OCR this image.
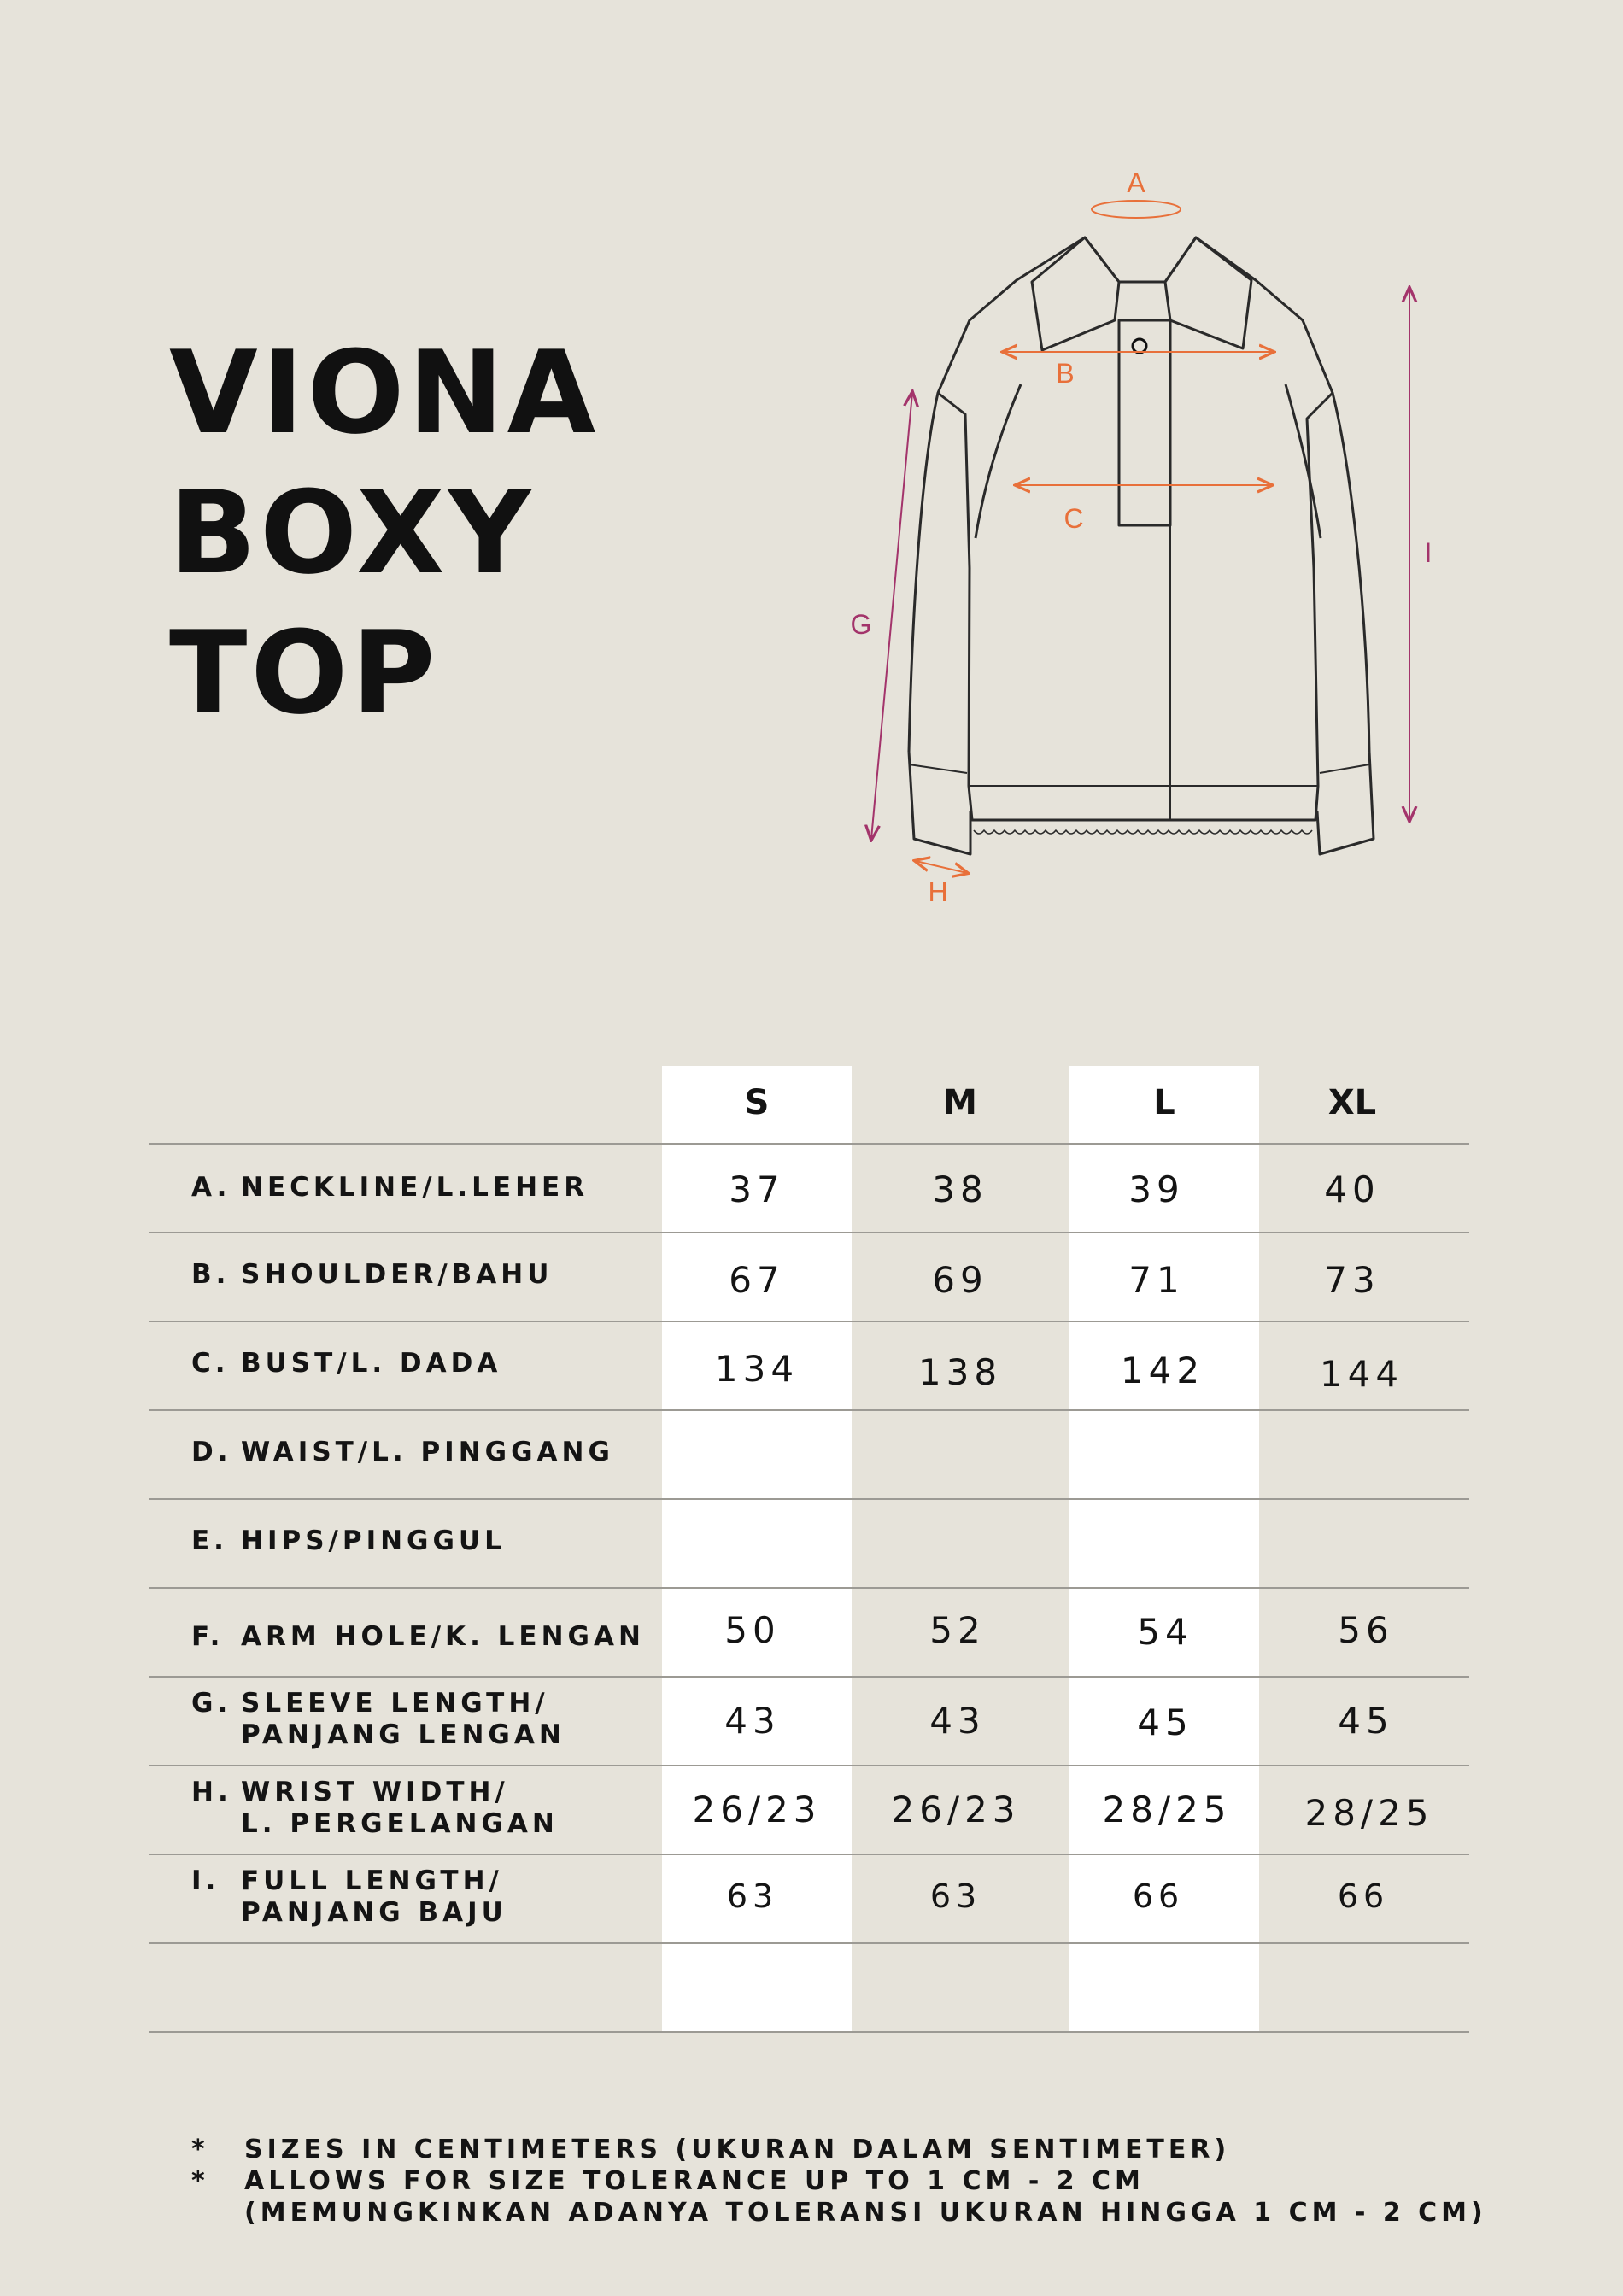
VIONA
BOXY
TOP
A
B
C
G
H
I
S	M	L	XL
A. NECKLINE/L.LEHER	37	38	39	40
B. SHOULDER/BAHU	67	69	71	73
C. BUST/L. DADA	134	138	142	144
D. WAIST/L. PINGGANG
E. HIPS/PINGGUL
F. ARM HOLE/K. LENGAN	50	52	54	56
G. SLEEVE LENGTH/
PANJANG LENGAN	43	43	45	45
H. WRIST WIDTH/
L. PERGELANGAN	26/23	26/23	28/25	28/25
I. FULL LENGTH/
PANJANG BAJU	63	63	66	66
* SIZES IN CENTIMETERS (UKURAN DALAM SENTIMETER)
* ALLOWS FOR SIZE TOLERANCE UP TO 1 CM - 2 CM
(MEMUNGKINKAN ADANYA TOLERANSI UKURAN HINGGA 1 CM - 2 CM)
